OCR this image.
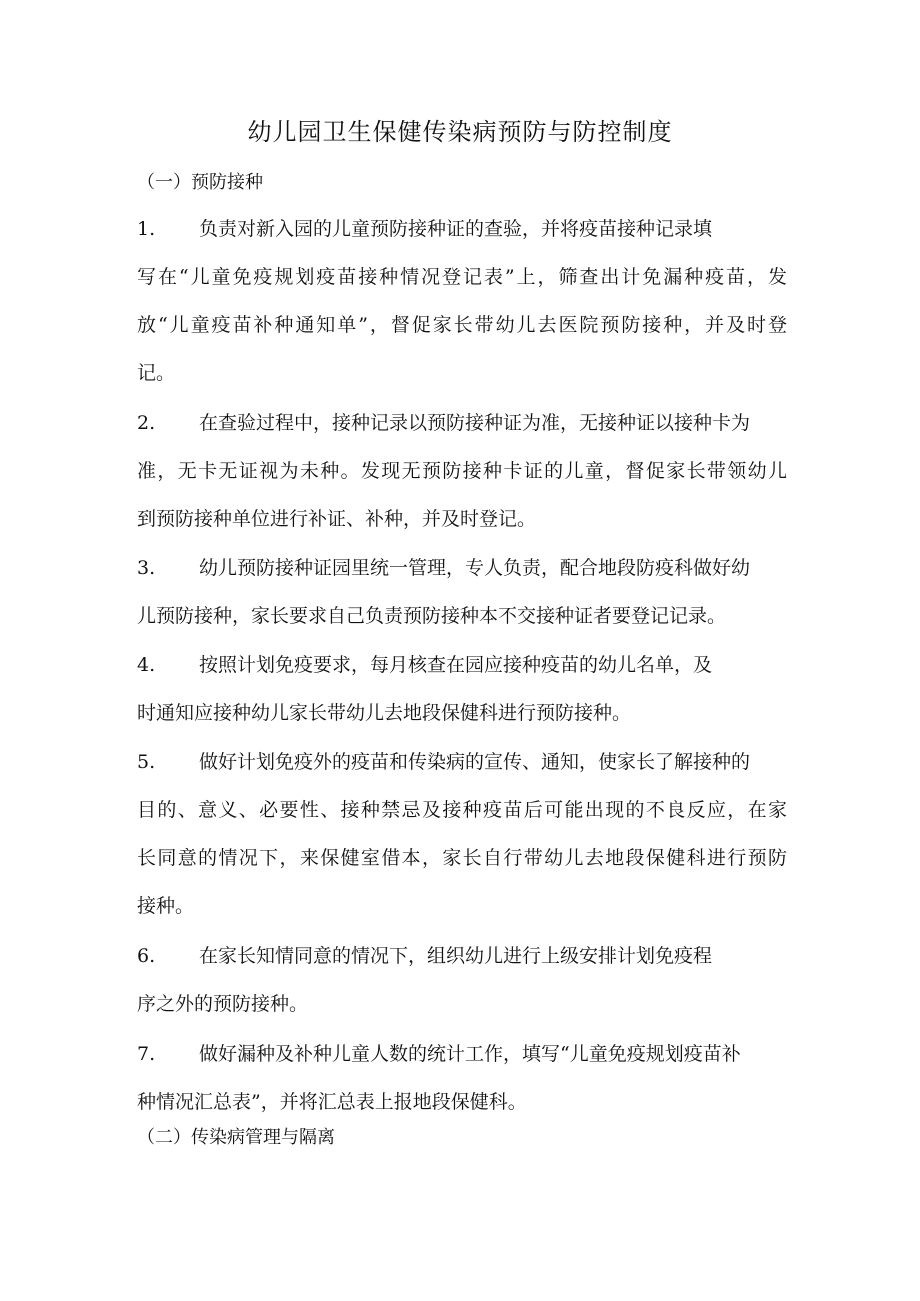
幼儿园卫生保健传染病预防与防控制度
（一）预防接种
1. 负责对新入园的儿童预防接种证的查验，并将疫苗接种记录填
写在“儿童免疫规划疫苗接种情况登记表”上，筛查出计免漏种疫苗，发
放“儿童疫苗补种通知单”，督促家长带幼儿去医院预防接种，并及时登
记。
2. 在查验过程中，接种记录以预防接种证为准，无接种证以接种卡为
准，无卡无证视为未种。发现无预防接种卡证的儿童，督促家长带领幼儿
到预防接种单位进行补证、补种，并及时登记。
3. 幼儿预防接种证园里统一管理，专人负责，配合地段防疫科做好幼
儿预防接种，家长要求自己负责预防接种本不交接种证者要登记记录。
4. 按照计划免疫要求，每月核查在园应接种疫苗的幼儿名单，及
时通知应接种幼儿家长带幼儿去地段保健科进行预防接种。
5. 做好计划免疫外的疫苗和传染病的宣传、通知，使家长了解接种的
目的、意义、必要性、接种禁忌及接种疫苗后可能出现的不良反应，在家
长同意的情况下，来保健室借本，家长自行带幼儿去地段保健科进行预防
接种。
6. 在家长知情同意的情况下，组织幼儿进行上级安排计划免疫程
序之外的预防接种。
7. 做好漏种及补种儿童人数的统计工作，填写“儿童免疫规划疫苗补
种情况汇总表”，并将汇总表上报地段保健科。
（二）传染病管理与隔离
